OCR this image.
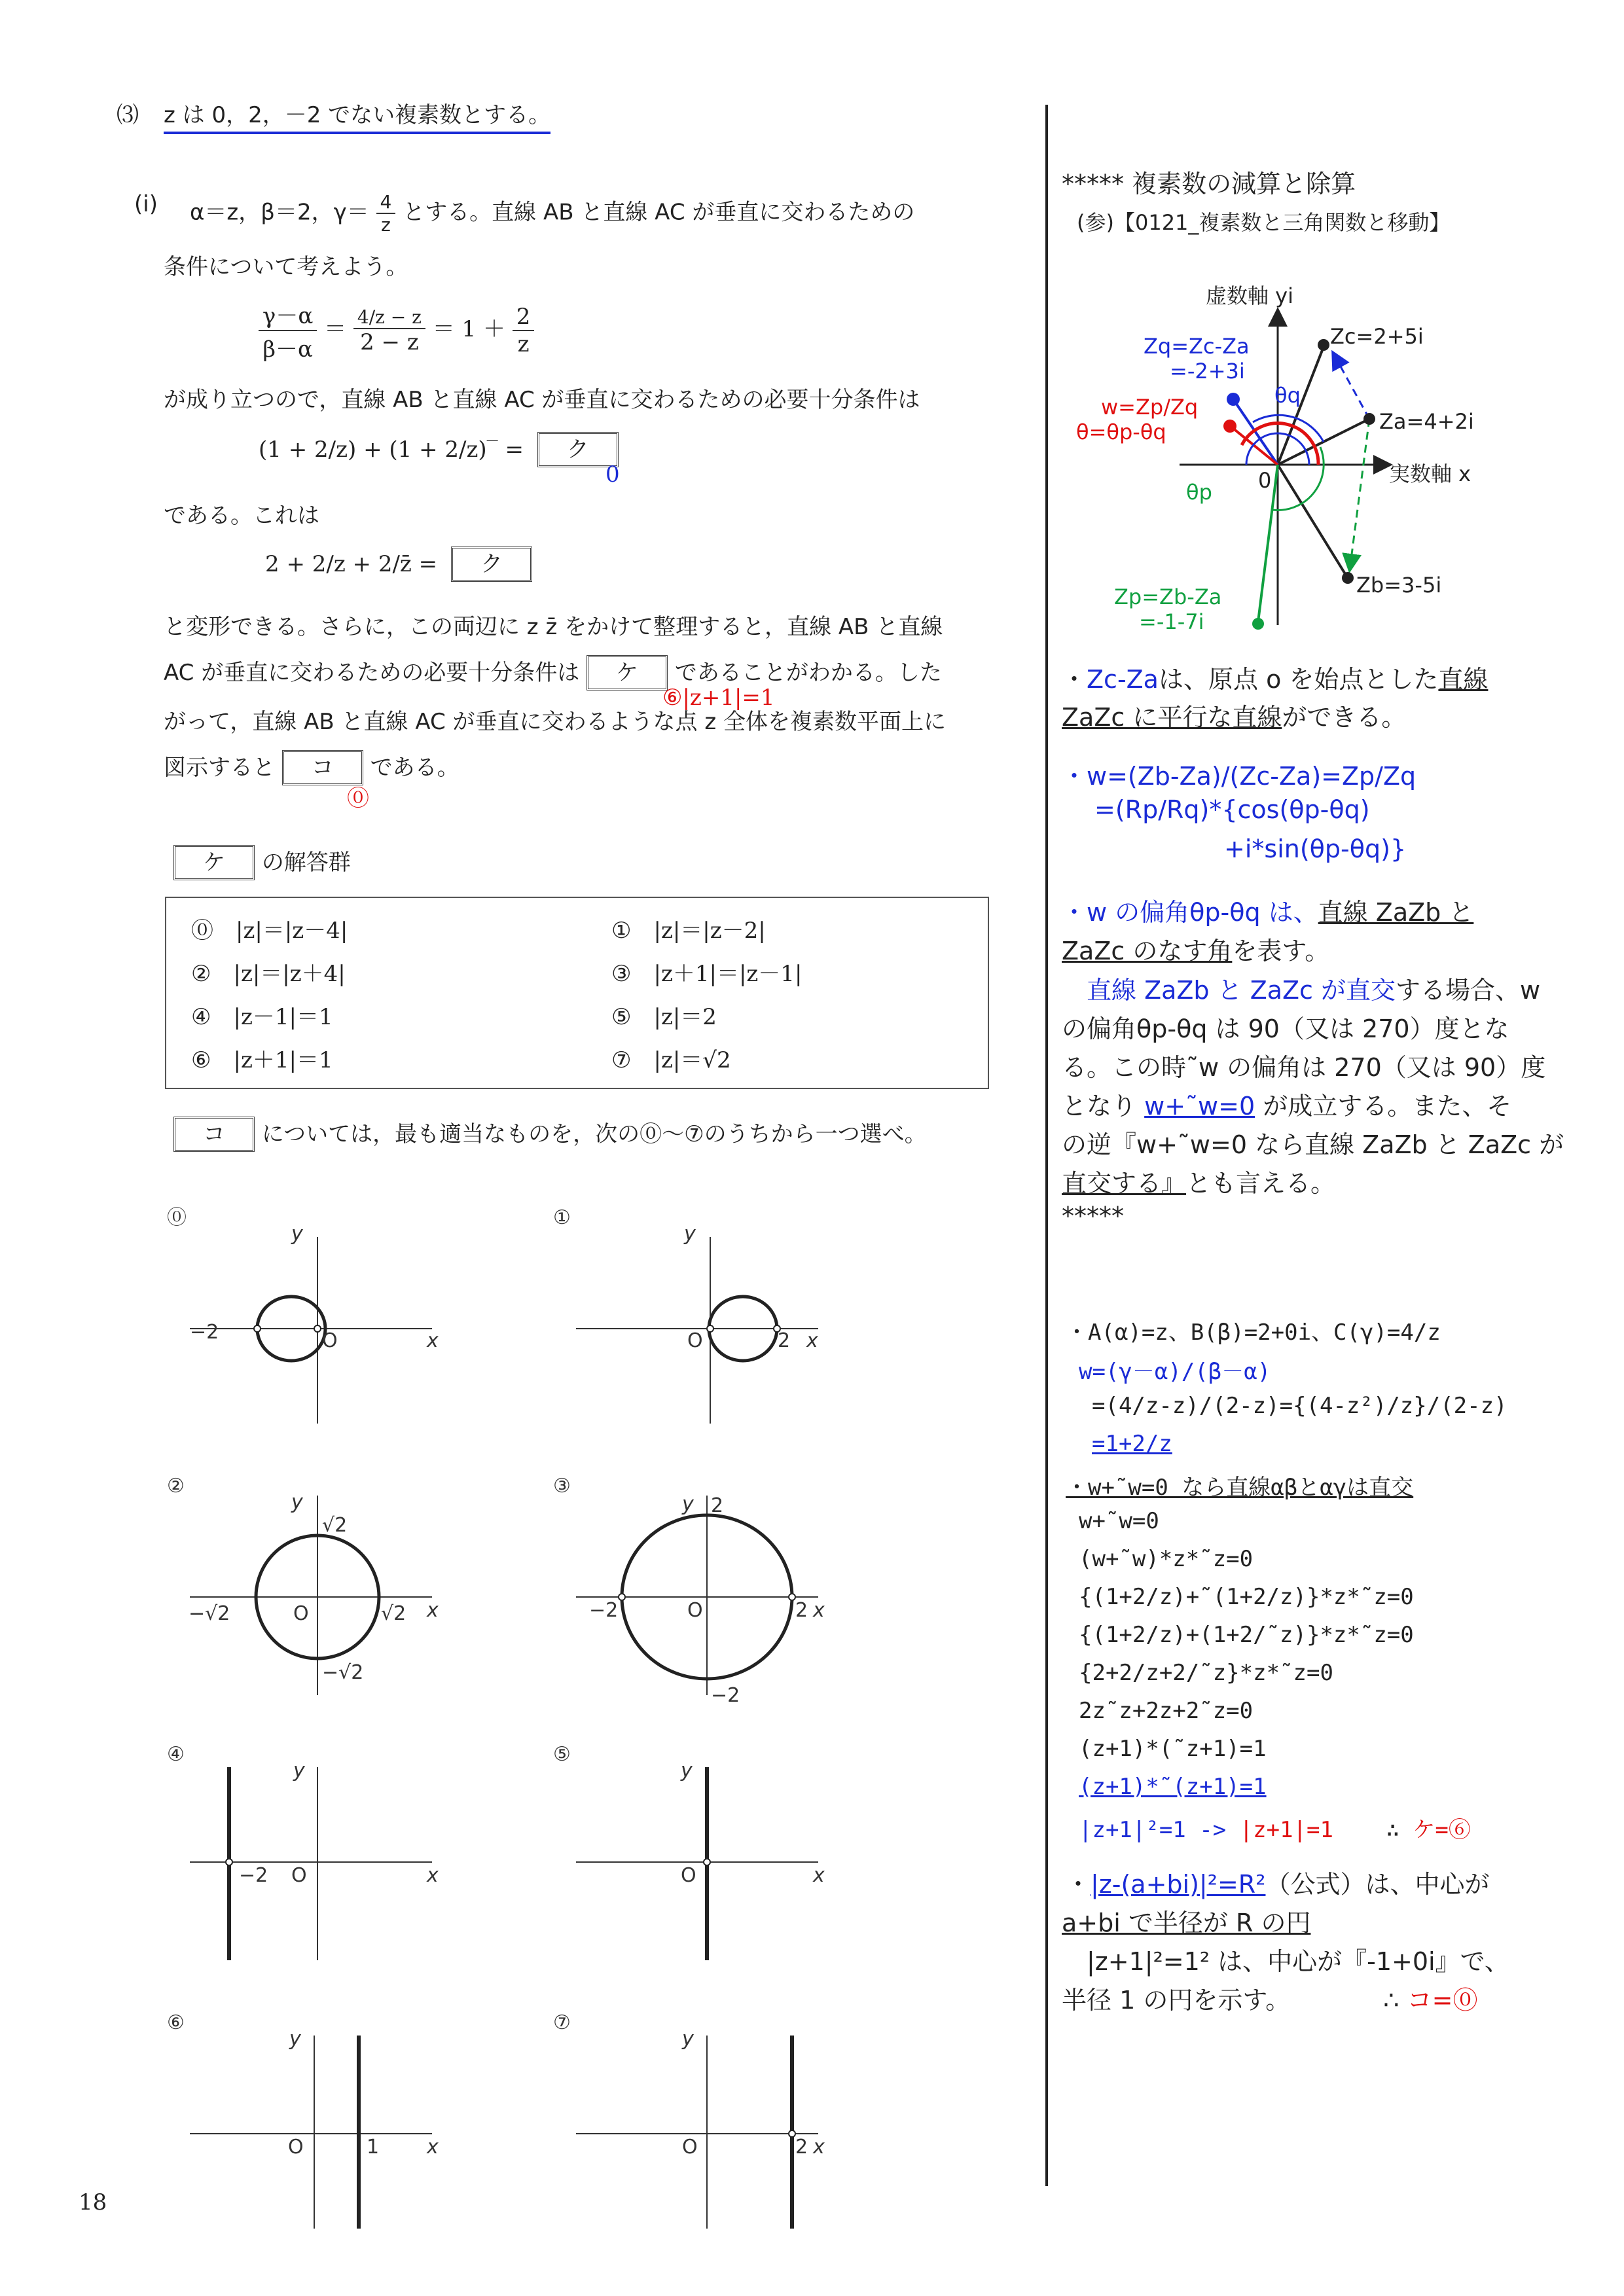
⑶ z は 0，2，－2 でない複素数とする。
(i) α＝z，β＝2，$\gamma= \frac{4}{z}$ とする。直線 AB と直線 AC が垂直に交わるための
条件について考えよう。
$\frac{\gamma-\alpha}{\beta-\alpha} = \frac{4/z - z}{2 - z} = 1 + \frac{2}{z}$
が成り立つので，直線 AB と直線 AC が垂直に交わるための必要十分条件は
(1 + 2/z) + (1 + 2/z)‾ = ク
0
である。これは
2 + 2/z + 2/z̄ = ク
と変形できる。さらに，この両辺に z z̄ をかけて整理すると，直線 AB と直線
AC が垂直に交わるための必要十分条件は ケ であることがわかる。した
⑥|z+1|=1
がって，直線 AB と直線 AC が垂直に交わるような点 z 全体を複素数平面上に
図示すると コ である。
⓪
ケ の解答群
⓪ |z|＝|z－4|	① |z|＝|z－2|
② |z|＝|z＋4|	③ |z＋1|＝|z－1|
④ |z－1|＝1	⑤ |z|＝2
⑥ |z＋1|＝1	⑦ |z|＝√2
コ については，最も適当なものを，次の⓪～⑦のうちから一つ選べ。
⓪
−2	O	x
y
①
2
O	x
y
②
√2
−√2
−√2	√2
O	x
y
③
2
−2
−2	2
O	x
y
④
−2 O	x
y
⑤
O	x
y
⑥
1
O	x
y
⑦
2
O	x
y
18
***** 複素数の減算と除算
(参)【0121_複素数と三角関数と移動】
虚数軸 yi
実数軸 x
Zc=2+5i
Za=4+2i
Zb=3-5i
Zq=Zc-Za
=-2+3i
w=Zp/Zq
θ=θp-θq
θq
θp 0
Zp=Zb-Za
=-1-7i
・Zc-Zaは、原点 o を始点とした直線
ZaZc に平行な直線ができる。
・w=(Zb-Za)/(Zc-Za)=Zp/Zq
=(Rp/Rq)*{cos(θp-θq)
+i*sin(θp-θq)}
・w の偏角θp-θq は、直線 ZaZb と
ZaZc のなす角を表す。
直線 ZaZb と ZaZc が直交する場合、w
の偏角θp-θq は 90（又は 270）度とな
る。この時˜w の偏角は 270（又は 90）度
となり w+˜w=0 が成立する。また、そ
の逆『w+˜w=0 なら直線 ZaZb と ZaZc が
直交する』とも言える。
*****
・A(α)=z、B(β)=2+0i、C(γ)=4/z
w=(γ－α)/(β－α)
=(4/z-z)/(2-z)={(4-z²)/z}/(2-z)
=1+2/z
・w+˜w=0 なら直線αβとαγは直交
w+˜w=0
(w+˜w)*z*˜z=0
{(1+2/z)+˜(1+2/z)}*z*˜z=0
{(1+2/z)+(1+2/˜z)}*z*˜z=0
{2+2/z+2/˜z}*z*˜z=0
2z˜z+2z+2˜z=0
(z+1)*(˜z+1)=1
(z+1)*˜(z+1)=1
|z+1|²=1 -> |z+1|=1 ∴ ケ=⑥
・|z-(a+bi)|²=R²（公式）は、中心が
a+bi で半径が R の円
|z+1|²=1² は、中心が『-1+0i』で、
半径 1 の円を示す。	∴ コ=⓪
